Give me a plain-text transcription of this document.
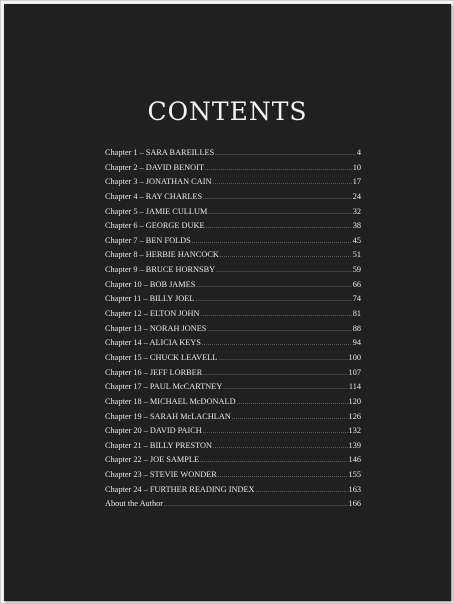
CONTENTS
Chapter 1 – SARA BAREILLES .....	4
Chapter 2 – DAVID BENOIT .....	10
Chapter 3 – JONATHAN CAIN .....	17
Chapter 4 – RAY CHARLES .....	24
Chapter 5 – JAMIE CULLUM .....	32
Chapter 6 – GEORGE DUKE .....	38
Chapter 7 – BEN FOLDS .....	45
Chapter 8 – HERBIE HANCOCK .....	51
Chapter 9 – BRUCE HORNSBY .....	59
Chapter 10 – BOB JAMES .....	66
Chapter 11 – BILLY JOEL .....	74
Chapter 12 – ELTON JOHN .....	81
Chapter 13 – NORAH JONES .....	88
Chapter 14 – ALICIA KEYS .....	94
Chapter 15 – CHUCK LEAVELL .....	100
Chapter 16 – JEFF LORBER .....	107
Chapter 17 – PAUL McCARTNEY .....	114
Chapter 18 – MICHAEL McDONALD .....	120
Chapter 19 – SARAH McLACHLAN .....	126
Chapter 20 – DAVID PAICH .....	132
Chapter 21 – BILLY PRESTON .....	139
Chapter 22 – JOE SAMPLE .....	146
Chapter 23 – STEVIE WONDER .....	155
Chapter 24 – FURTHER READING INDEX .....	163
About the Author .....	166
